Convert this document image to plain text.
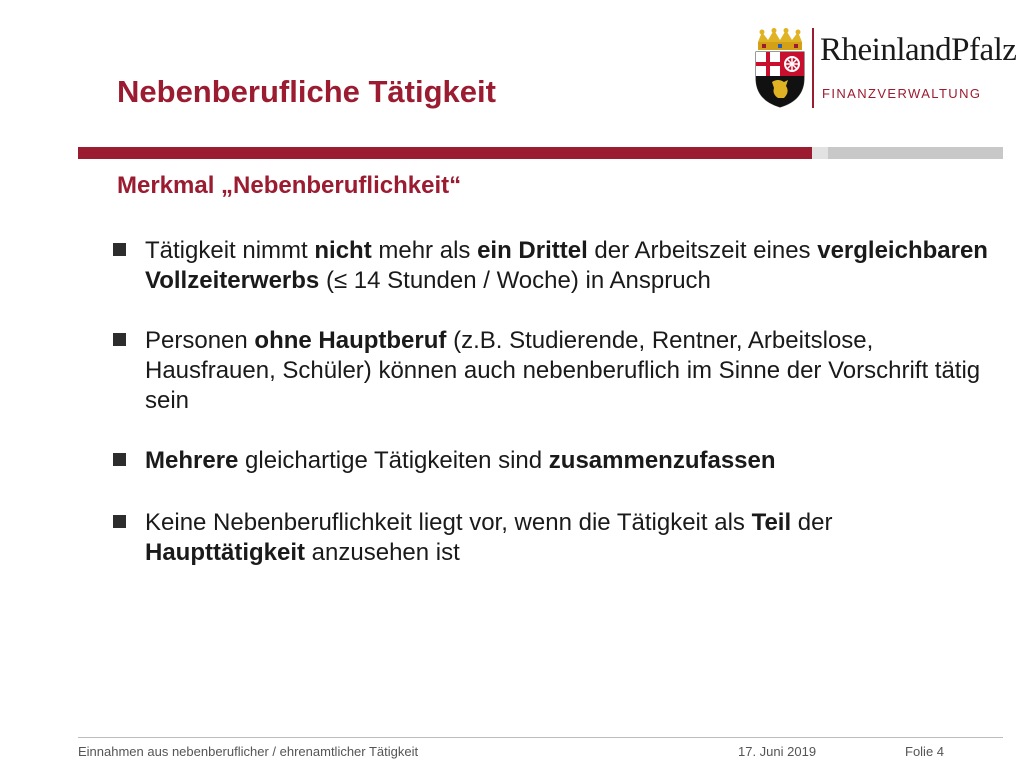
Nebenberufliche Tätigkeit
RheinlandPfalz
FINANZVERWALTUNG
Merkmal „Nebenberuflichkeit“
Tätigkeit nimmt nicht mehr als ein Drittel der Arbeitszeit eines vergleichbaren Vollzeiterwerbs (≤ 14 Stunden / Woche) in Anspruch
Personen ohne Hauptberuf (z.B. Studierende, Rentner, Arbeitslose, Hausfrauen, Schüler) können auch nebenberuflich im Sinne der Vorschrift tätig sein
Mehrere gleichartige Tätigkeiten sind zusammenzufassen
Keine Nebenberuflichkeit liegt vor, wenn die Tätigkeit als Teil der Haupttätigkeit anzusehen ist
Einnahmen aus nebenberuflicher / ehrenamtlicher Tätigkeit	17. Juni 2019	Folie 4
